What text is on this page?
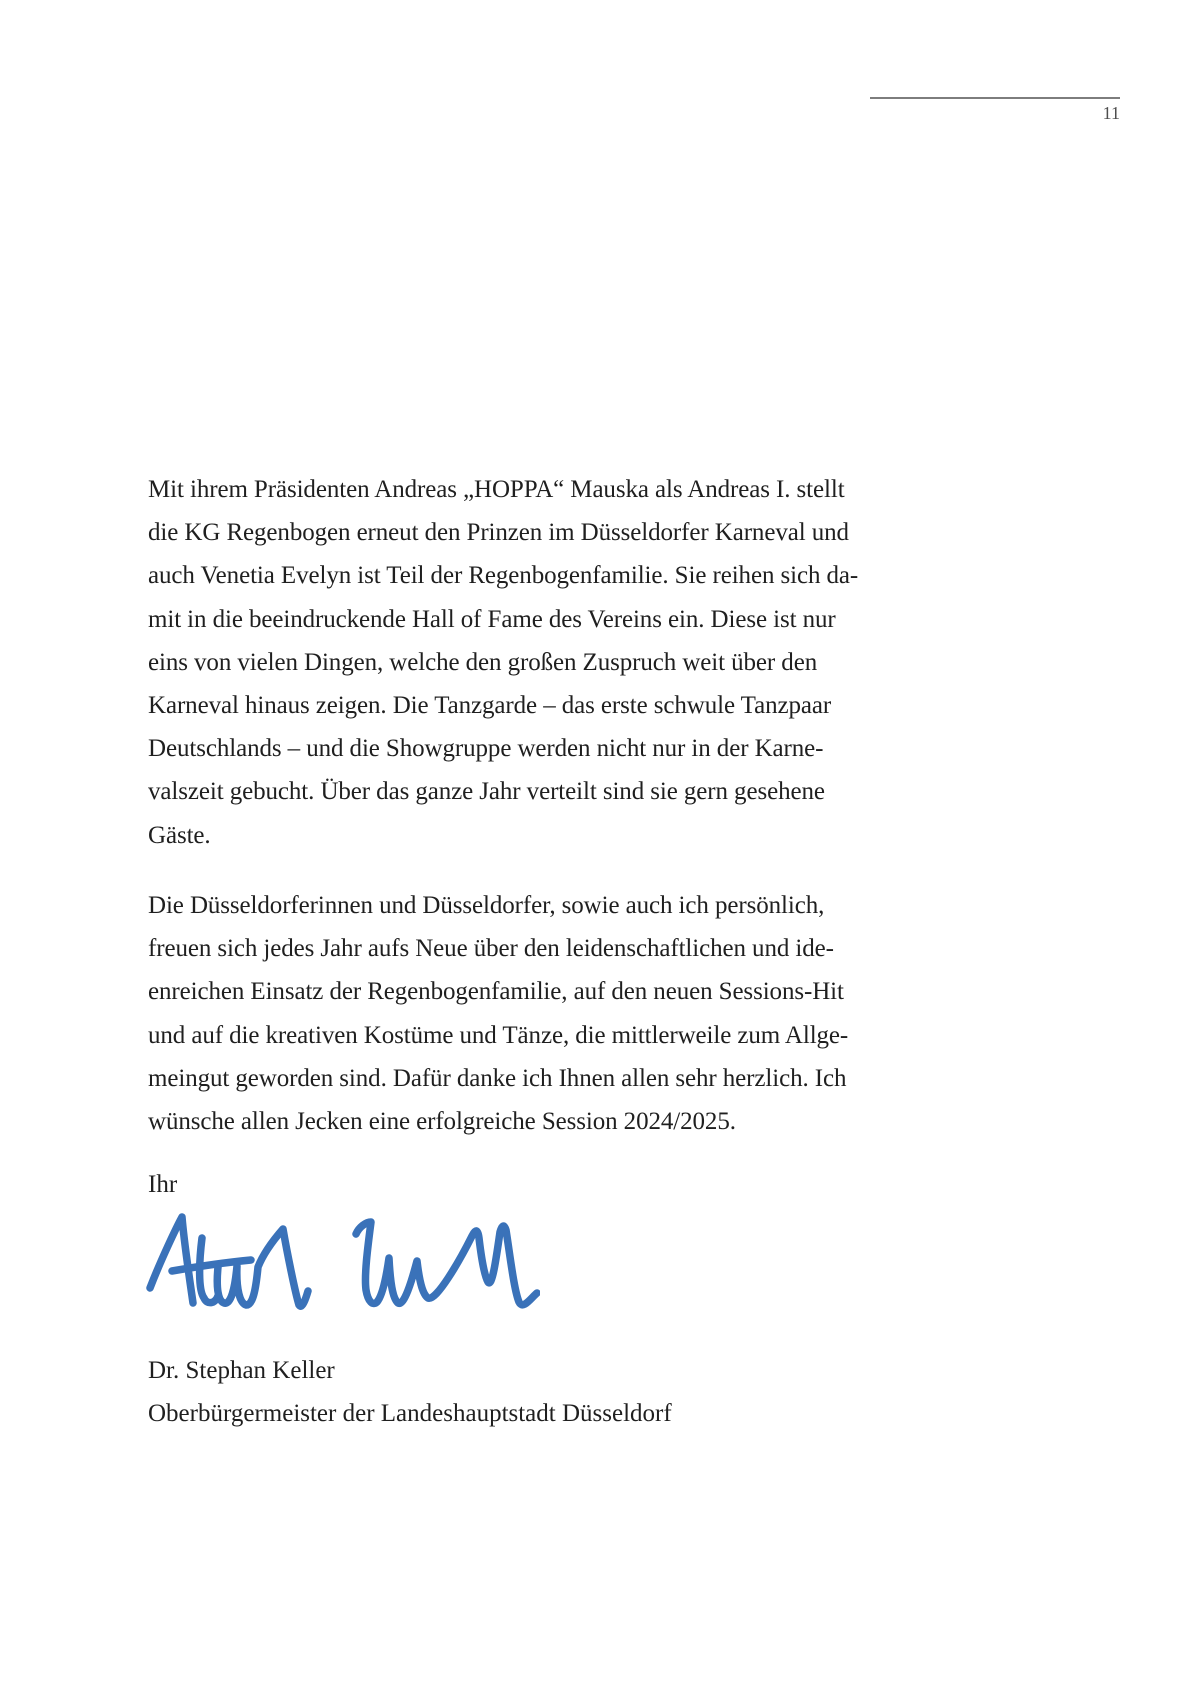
11

Mit ihrem Präsidenten Andreas „HOPPA“ Mauska als Andreas I. stellt
die KG Regenbogen erneut den Prinzen im Düsseldorfer Karneval und
auch Venetia Evelyn ist Teil der Regenbogenfamilie. Sie reihen sich da-
mit in die beeindruckende Hall of Fame des Vereins ein. Diese ist nur
eins von vielen Dingen, welche den großen Zuspruch weit über den
Karneval hinaus zeigen. Die Tanzgarde – das erste schwule Tanzpaar
Deutschlands – und die Showgruppe werden nicht nur in der Karne-
valszeit gebucht. Über das ganze Jahr verteilt sind sie gern gesehene
Gäste.

Die Düsseldorferinnen und Düsseldorfer, sowie auch ich persönlich,
freuen sich jedes Jahr aufs Neue über den leidenschaftlichen und ide-
enreichen Einsatz der Regenbogenfamilie, auf den neuen Sessions-Hit
und auf die kreativen Kostüme und Tänze, die mittlerweile zum Allge-
meingut geworden sind. Dafür danke ich Ihnen allen sehr herzlich. Ich
wünsche allen Jecken eine erfolgreiche Session 2024/2025.

Ihr

Dr. Stephan Keller
Oberbürgermeister der Landeshauptstadt Düsseldorf
